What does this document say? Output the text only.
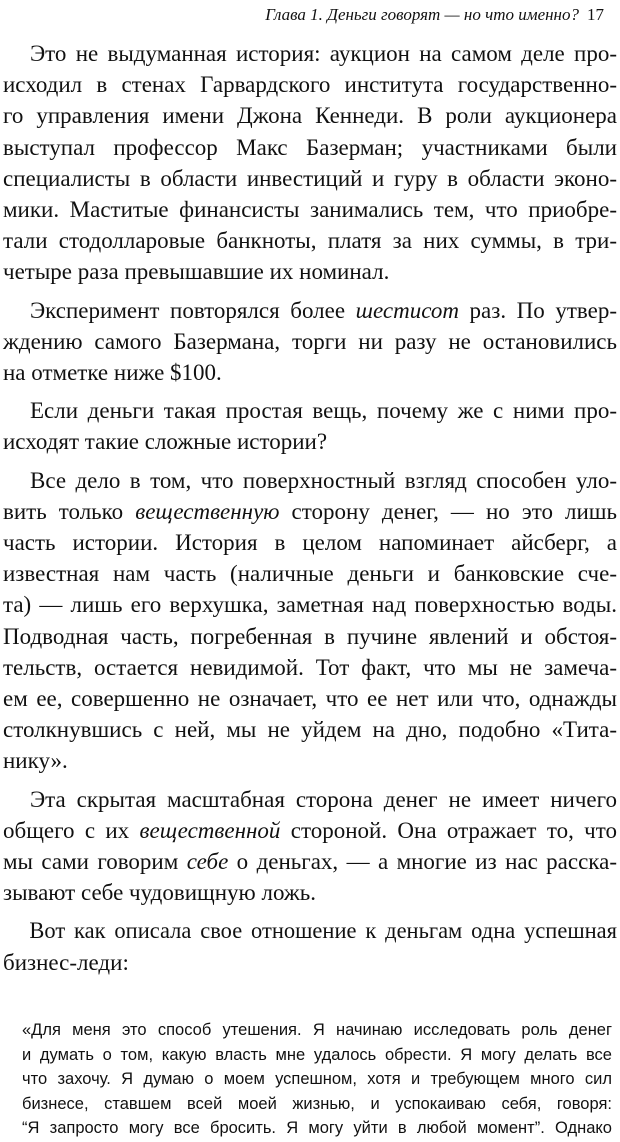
Глава 1. Деньги говорят — но что именно? 17
Это не выдуманная история: аукцион на самом деле про-
исходил в стенах Гарвардского института государственно-
го управления имени Джона Кеннеди. В роли аукционера
выступал профессор Макс Базерман; участниками были
специалисты в области инвестиций и гуру в области эконо-
мики. Маститые финансисты занимались тем, что приобре-
тали стодолларовые банкноты, платя за них суммы, в три-
четыре раза превышавшие их номинал.
Эксперимент повторялся более шестисот раз. По утвер-
ждению самого Базермана, торги ни разу не остановились
на отметке ниже $100.
Если деньги такая простая вещь, почему же с ними про-
исходят такие сложные истории?
Все дело в том, что поверхностный взгляд способен уло-
вить только вещественную сторону денег, — но это лишь
часть истории. История в целом напоминает айсберг, а
известная нам часть (наличные деньги и банковские сче-
та) — лишь его верхушка, заметная над поверхностью воды.
Подводная часть, погребенная в пучине явлений и обстоя-
тельств, остается невидимой. Тот факт, что мы не замеча-
ем ее, совершенно не означает, что ее нет или что, однажды
столкнувшись с ней, мы не уйдем на дно, подобно «Тита-
нику».
Эта скрытая масштабная сторона денег не имеет ничего
общего с их вещественной стороной. Она отражает то, что
мы сами говорим себе о деньгах, — а многие из нас расска-
зывают себе чудовищную ложь.
Вот как описала свое отношение к деньгам одна успешная
бизнес-леди:
«Для меня это способ утешения. Я начинаю исследовать роль денег
и думать о том, какую власть мне удалось обрести. Я могу делать все
что захочу. Я думаю о моем успешном, хотя и требующем много сил
бизнесе, ставшем всей моей жизнью, и успокаиваю себя, говоря:
“Я запросто могу все бросить. Я могу уйти в любой момент”. Однако
